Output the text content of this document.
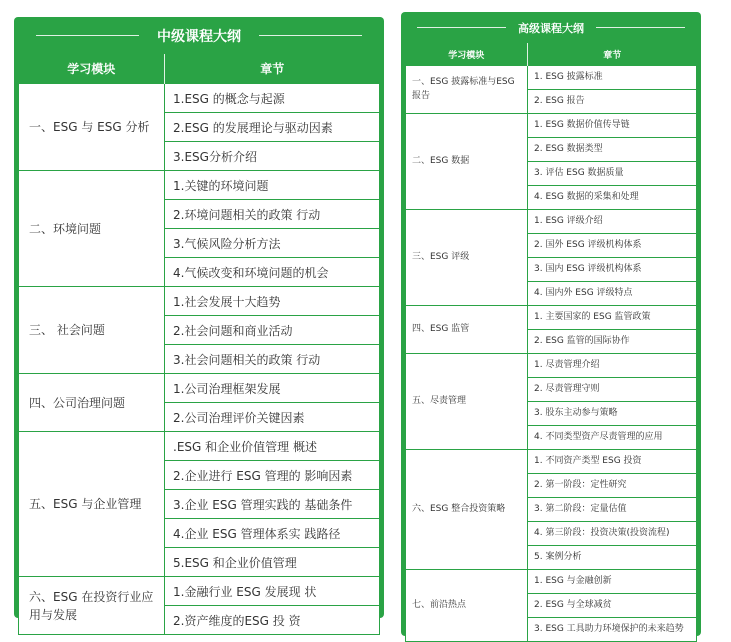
中级课程大纲
学习模块	章节
一、ESG 与 ESG 分析	1.ESG 的概念与起源
	2.ESG 的发展理论与驱动因素
	3.ESG分析介绍
二、环境问题	1.关键的环境问题
	2.环境问题相关的政策 行动
	3.气候风险分析方法
	4.气候改变和环境问题的机会
三、 社会问题	1.社会发展十大趋势
	2.社会问题和商业活动
	3.社会问题相关的政策 行动
四、公司治理问题	1.公司治理框架发展
	2.公司治理评价关键因素
五、ESG 与企业管理	.ESG 和企业价值管理 概述
	2.企业进行 ESG 管理的 影响因素
	3.企业 ESG 管理实践的 基础条件
	4.企业 ESG 管理体系实 践路径
	5.ESG 和企业价值管理
六、ESG 在投资行业应用与发展	1.金融行业 ESG 发展现 状
	2.资产维度的ESG 投 资
高级课程大纲
学习模块	章节
一、ESG 披露标准与ESG 报告	1. ESG 披露标准
	2. ESG 报告
二、ESG 数据	1. ESG 数据价值传导链
	2. ESG 数据类型
	3. 评估 ESG 数据质量
	4. ESG 数据的采集和处理
三、ESG 评级	1. ESG 评级介绍
	2. 国外 ESG 评级机构体系
	3. 国内 ESG 评级机构体系
	4. 国内外 ESG 评级特点
四、ESG 监管	1. 主要国家的 ESG 监管政策
	2. ESG 监管的国际协作
五、尽责管理	1. 尽责管理介绍
	2. 尽责管理守则
	3. 股东主动参与策略
	4. 不同类型资产尽责管理的应用
六、ESG 整合投资策略	1. 不同资产类型 ESG 投资
	2. 第一阶段：定性研究
	3. 第二阶段：定量估值
	4. 第三阶段：投资决策(投资流程)
	5. 案例分析
七、前沿热点	1. ESG 与金融创新
	2. ESG 与全球减贫
	3. ESG 工具助力环境保护的未来趋势
